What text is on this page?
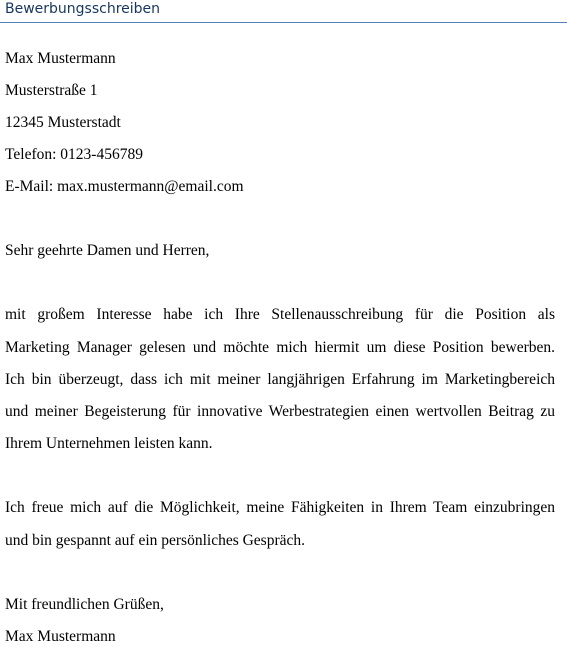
Bewerbungsschreiben
Max Mustermann
Musterstraße 1
12345 Musterstadt
Telefon: 0123-456789
E-Mail: max.mustermann@email.com
Sehr geehrte Damen und Herren,
mit großem Interesse habe ich Ihre Stellenausschreibung für die Position als
Marketing Manager gelesen und möchte mich hiermit um diese Position bewerben.
Ich bin überzeugt, dass ich mit meiner langjährigen Erfahrung im Marketingbereich
und meiner Begeisterung für innovative Werbestrategien einen wertvollen Beitrag zu
Ihrem Unternehmen leisten kann.
Ich freue mich auf die Möglichkeit, meine Fähigkeiten in Ihrem Team einzubringen
und bin gespannt auf ein persönliches Gespräch.
Mit freundlichen Grüßen,
Max Mustermann
